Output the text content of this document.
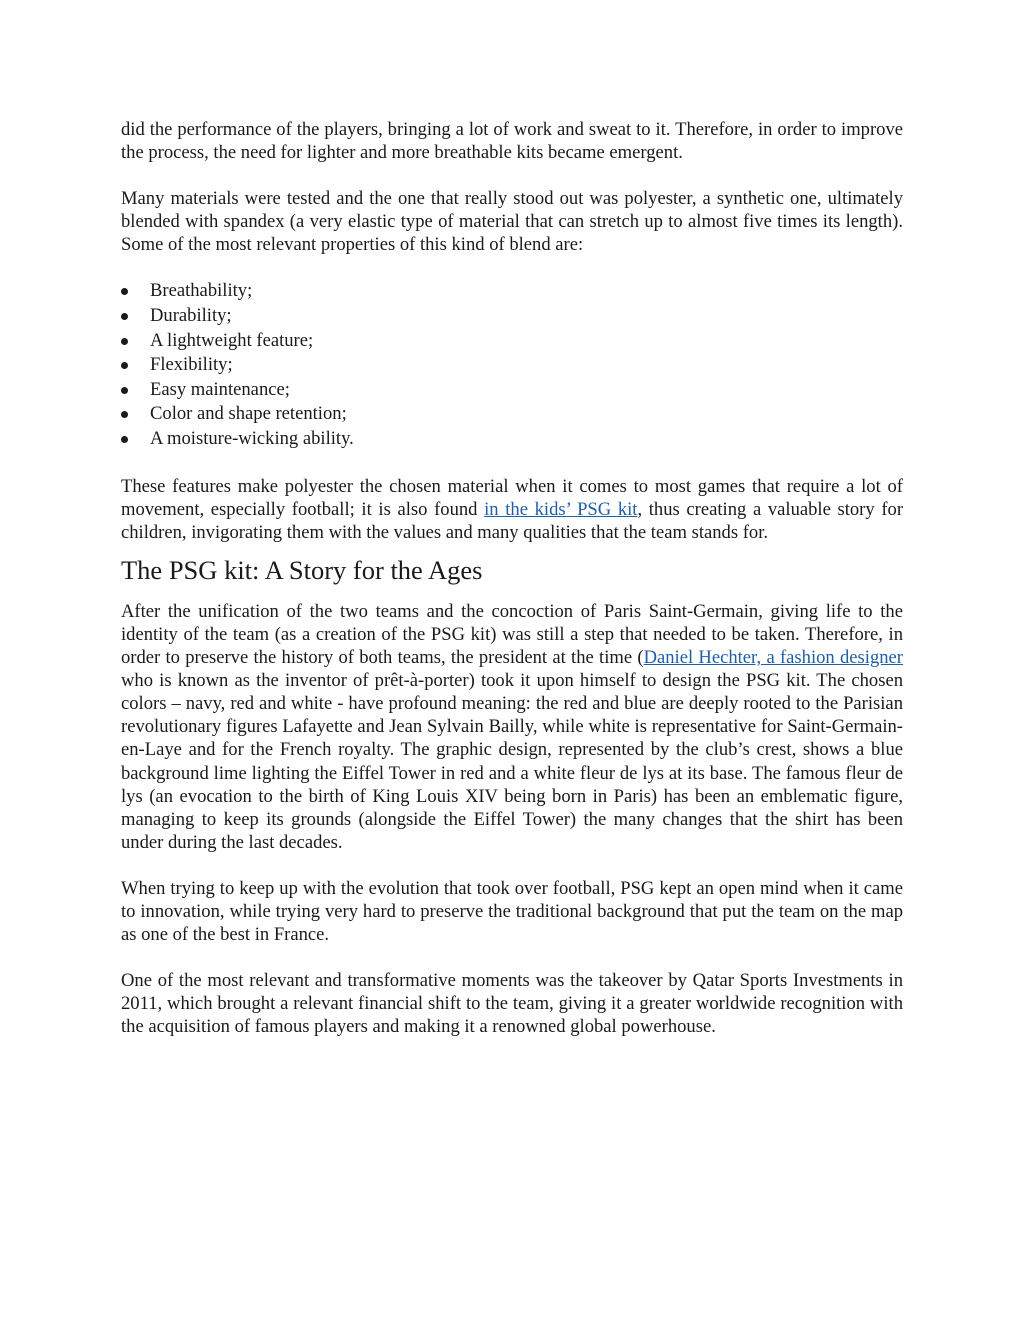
did the performance of the players, bringing a lot of work and sweat to it. Therefore, in order to improve the process, the need for lighter and more breathable kits became emergent.

Many materials were tested and the one that really stood out was polyester, a synthetic one, ultimately blended with spandex (a very elastic type of material that can stretch up to almost five times its length). Some of the most relevant properties of this kind of blend are:

Breathability;
Durability;
A lightweight feature;
Flexibility;
Easy maintenance;
Color and shape retention;
A moisture-wicking ability.

These features make polyester the chosen material when it comes to most games that require a lot of movement, especially football; it is also found in the kids’ PSG kit, thus creating a valuable story for children, invigorating them with the values and many qualities that the team stands for.

The PSG kit: A Story for the Ages

After the unification of the two teams and the concoction of Paris Saint-Germain, giving life to the identity of the team (as a creation of the PSG kit) was still a step that needed to be taken. Therefore, in order to preserve the history of both teams, the president at the time (Daniel Hechter, a fashion designer who is known as the inventor of prêt-à-porter) took it upon himself to design the PSG kit. The chosen colors – navy, red and white - have profound meaning: the red and blue are deeply rooted to the Parisian revolutionary figures Lafayette and Jean Sylvain Bailly, while white is representative for Saint-Germain-en-Laye and for the French royalty. The graphic design, represented by the club’s crest, shows a blue background lime lighting the Eiffel Tower in red and a white fleur de lys at its base. The famous fleur de lys (an evocation to the birth of King Louis XIV being born in Paris) has been an emblematic figure, managing to keep its grounds (alongside the Eiffel Tower) the many changes that the shirt has been under during the last decades.

When trying to keep up with the evolution that took over football, PSG kept an open mind when it came to innovation, while trying very hard to preserve the traditional background that put the team on the map as one of the best in France.

One of the most relevant and transformative moments was the takeover by Qatar Sports Investments in 2011, which brought a relevant financial shift to the team, giving it a greater worldwide recognition with the acquisition of famous players and making it a renowned global powerhouse.
